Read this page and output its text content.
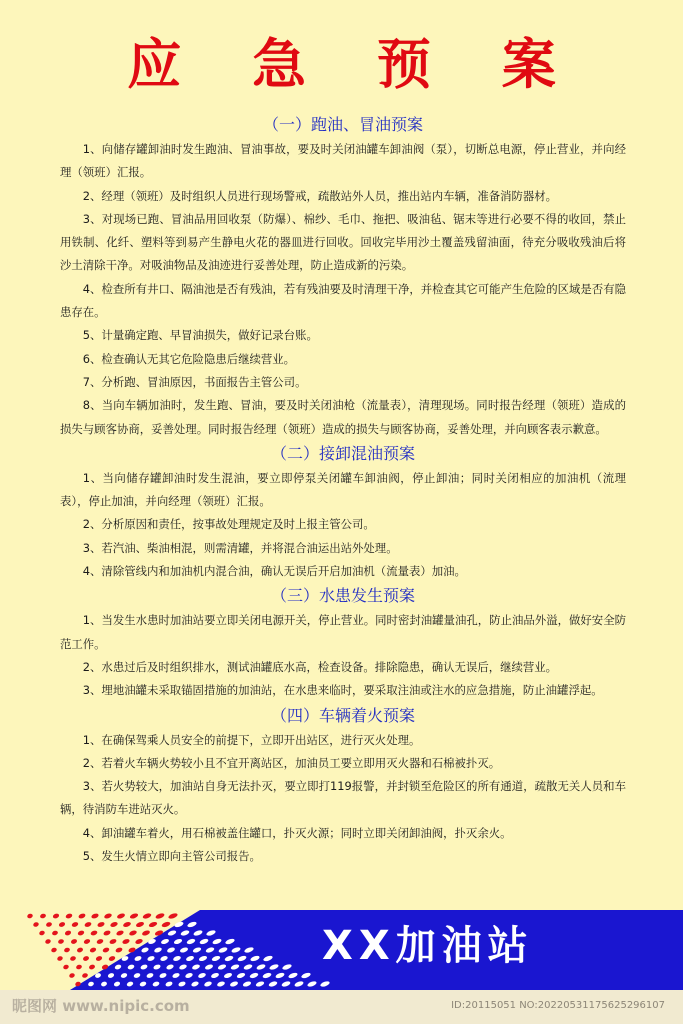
应 急 预 案
（一）跑油、冒油预案

1、向储存罐卸油时发生跑油、冒油事故，要及时关闭油罐车卸油阀（泵），切断总电源，停止营业，并向经理（领班）汇报。

2、经理（领班）及时组织人员进行现场警戒，疏散站外人员，推出站内车辆，准备消防器材。

3、对现场已跑、冒油品用回收泵（防爆）、棉纱、毛巾、拖把、吸油毡、锯末等进行必要不得的收回，禁止用铁制、化纤、塑料等到易产生静电火花的器皿进行回收。回收完毕用沙土覆盖残留油面，待充分吸收残油后将沙土清除干净。对吸油物品及油迹进行妥善处理，防止造成新的污染。

4、检查所有井口、隔油池是否有残油，若有残油要及时清理干净，并检查其它可能产生危险的区域是否有隐患存在。

5、计量确定跑、早冒油损失，做好记录台账。

6、检查确认无其它危险隐患后继续营业。

7、分析跑、冒油原因，书面报告主管公司。

8、当向车辆加油时，发生跑、冒油，要及时关闭油枪（流量表），清理现场。同时报告经理（领班）造成的损失与顾客协商，妥善处理。同时报告经理（领班）造成的损失与顾客协商，妥善处理，并向顾客表示歉意。

（二）接卸混油预案

1、当向储存罐卸油时发生混油，要立即停泵关闭罐车卸油阀，停止卸油；同时关闭相应的加油机（流理表），停止加油，并向经理（领班）汇报。

2、分析原因和责任，按事故处理规定及时上报主管公司。

3、若汽油、柴油相混，则需清罐，并将混合油运出站外处理。

4、清除管线内和加油机内混合油，确认无误后开启加油机（流量表）加油。

（三）水患发生预案

1、当发生水患时加油站要立即关闭电源开关，停止营业。同时密封油罐量油孔，防止油品外溢，做好安全防范工作。

2、水患过后及时组织排水，测试油罐底水高，检查设备。排除隐患，确认无误后，继续营业。

3、埋地油罐未采取锚固措施的加油站，在水患来临时，要采取注油或注水的应急措施，防止油罐浮起。

（四）车辆着火预案

1、在确保驾乘人员安全的前提下，立即开出站区，进行灭火处理。

2、若着火车辆火势较小且不宜开离站区，加油员工要立即用灭火器和石棉被扑灭。

3、若火势较大，加油站自身无法扑灭，要立即打119报警，并封锁至危险区的所有通道，疏散无关人员和车辆，待消防车进站灭火。

4、卸油罐车着火，用石棉被盖住罐口，扑灭火源；同时立即关闭卸油阀，扑灭余火。

5、发生火情立即向主管公司报告。

XX加油站
昵图网 www.nipic.com	ID:20115051 NO:20220531175625296107
